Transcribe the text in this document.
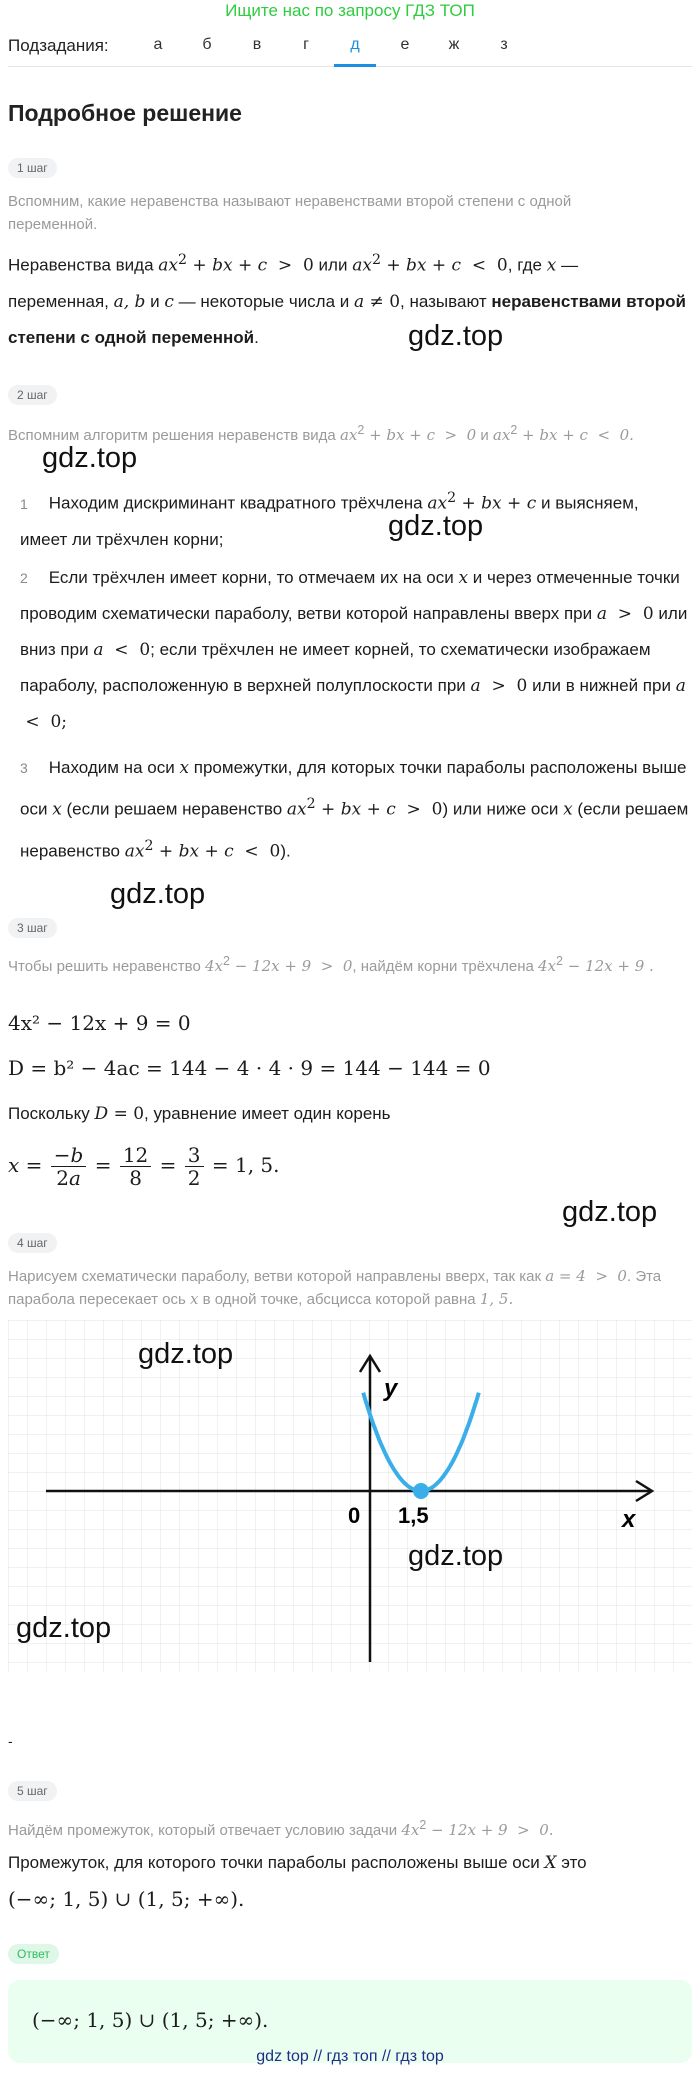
Ищите нас по запросу ГДЗ ТОП
Подзадания:	а	б	в	г	д	е	ж	з
Подробное решение
1 шаг
Вспомним, какие неравенства называют неравенствами второй степени с одной переменной.
Неравенства вида $ax^2$ + bx + c  >  0 или $ax^2$ + bx + c  <  0, где x —
переменная, a, b и c — некоторые числа и a ≠ 0, называют неравенствами второй степени с одной переменной.
2 шаг
Вспомним алгоритм решения неравенств вида $ax^2$ + bx + c  >  0 и $ax^2$ + bx + c  <  0.
1 Находим дискриминант квадратного трёхчлена $ax^2$ + bx + c и выясняем, имеет ли трёхчлен корни;
2 Если трёхчлен имеет корни, то отмечаем их на оси x и через отмеченные точки проводим схематически параболу, ветви которой направлены вверх при a  >  0 или вниз при a  <  0; если трёхчлен не имеет корней, то схематически изображаем параболу, расположенную в верхней полуплоскости при a  >  0 или в нижней при a  <  0;
3 Находим на оси x промежутки, для которых точки параболы расположены выше оси x (если решаем неравенство $ax^2$ + bx + c  >  0) или ниже оси x (если решаем неравенство $ax^2$ + bx + c  <  0).
3 шаг
Чтобы решить неравенство $4x^2 - 12x + 9 > 0$, найдём корни трёхчлена $4x^2 - 12x + 9$ .
4x² − 12x + 9 = 0
D = b² − 4ac = 144 − 4 · 4 · 9 = 144 − 144 = 0
Поскольку D = 0, уравнение имеет один корень
$x = \frac{-b}{2a} = \frac{12}{8} = \frac{3}{2} = 1$, 5.
4 шаг
Нарисуем схематически параболу, ветви которой направлены вверх, так как a = 4  >  0. Эта парабола пересекает ось x в одной точке, абсцисса которой равна 1, 5.
0 1,5	x
y
-
5 шаг
Найдём промежуток, который отвечает условию задачи $4x^2 - 12x + 9 > 0$.
Промежуток, для которого точки параболы расположены выше оси X это
(−∞; 1, 5) ∪ (1, 5; +∞).
Ответ
(−∞; 1, 5) ∪ (1, 5; +∞).
gdz.top
gdz.top
gdz.top
gdz.top
gdz.top
gdz.top
gdz.top
gdz.top
gdz top // гдз топ // гдз top
